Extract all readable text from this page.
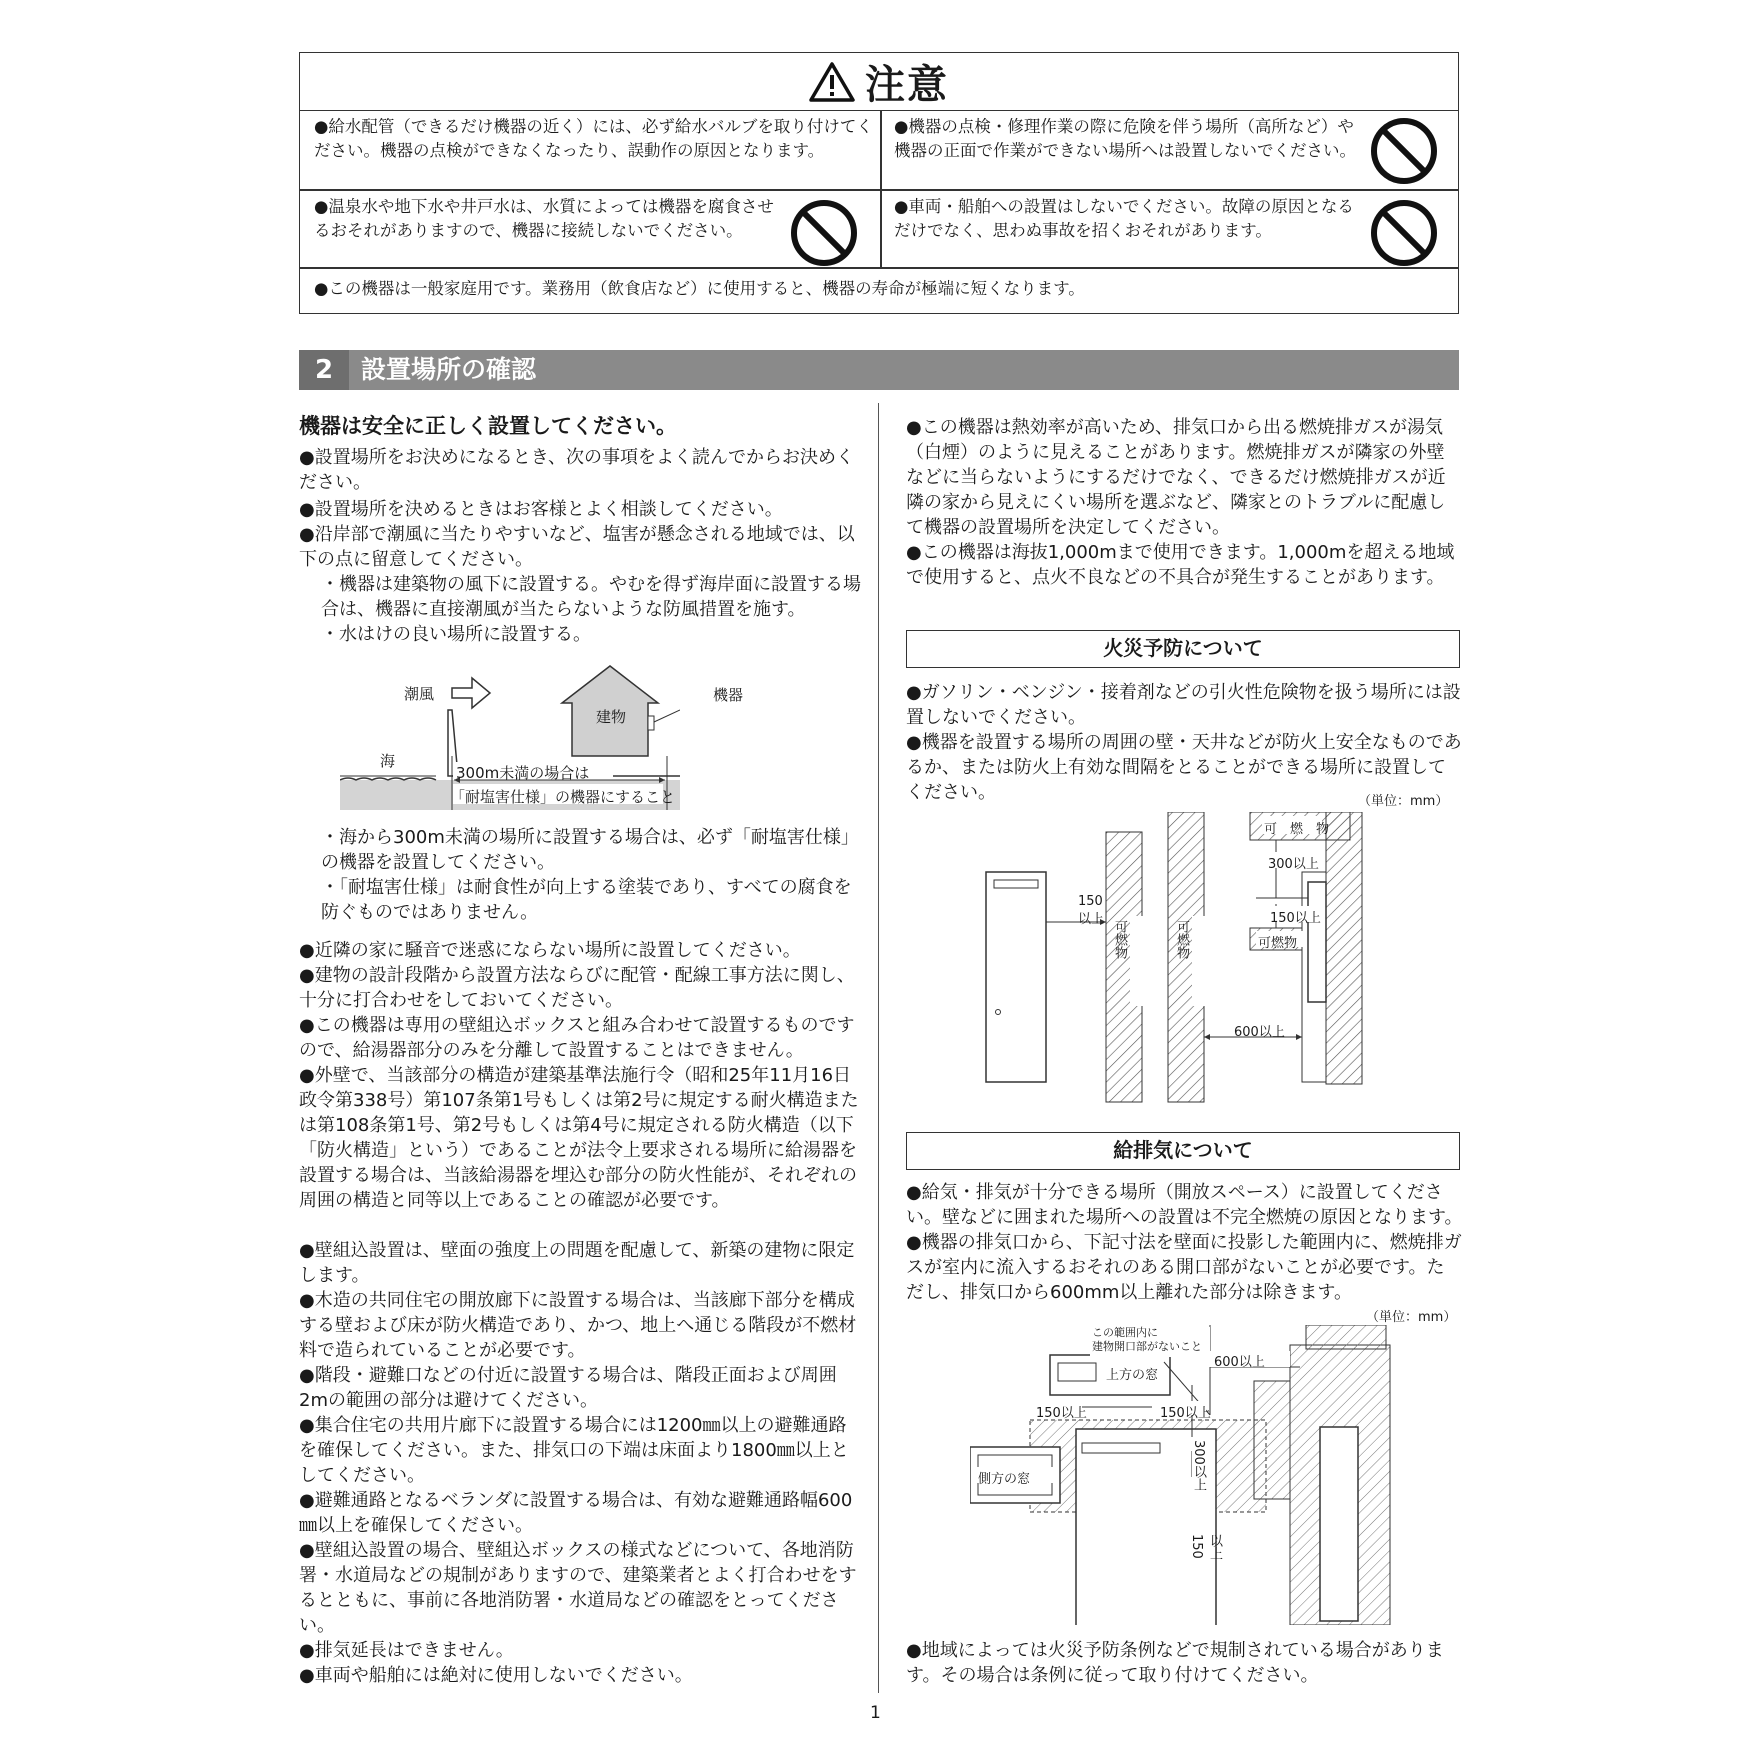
注意
●給水配管（できるだけ機器の近く）には、必ず給水バルブを取り付けてください。機器の点検ができなくなったり、誤動作の原因となります。
●機器の点検・修理作業の際に危険を伴う場所（高所など）や機器の正面で作業ができない場所へは設置しないでください。
●温泉水や地下水や井戸水は、水質によっては機器を腐食させるおそれがありますので、機器に接続しないでください。
●車両・船舶への設置はしないでください。故障の原因となるだけでなく、思わぬ事故を招くおそれがあります。
●この機器は一般家庭用です。業務用（飲食店など）に使用すると、機器の寿命が極端に短くなります。
2	設置場所の確認
機器は安全に正しく設置してください。
●設置場所をお決めになるとき、次の事項をよく読んでからお決めください。
●設置場所を決めるときはお客様とよく相談してください。
●沿岸部で潮風に当たりやすいなど、塩害が懸念される地域では、以下の点に留意してください。
・機器は建築物の風下に設置する。やむを得ず海岸面に設置する場合は、機器に直接潮風が当たらないような防風措置を施す。
・水はけの良い場所に設置する。
潮風
海
建物
機器
300m未満の場合は
「耐塩害仕様」の機器にすること
・海から300m未満の場所に設置する場合は、必ず「耐塩害仕様」の機器を設置してください。
・「耐塩害仕様」は耐食性が向上する塗装であり、すべての腐食を防ぐものではありません。
●近隣の家に騒音で迷惑にならない場所に設置してください。
●建物の設計段階から設置方法ならびに配管・配線工事方法に関し、十分に打合わせをしておいてください。
●この機器は専用の壁組込ボックスと組み合わせて設置するものですので、給湯器部分のみを分離して設置することはできません。
●外壁で、当該部分の構造が建築基準法施行令（昭和25年11月16日政令第338号）第107条第1号もしくは第2号に規定する耐火構造または第108条第1号、第2号もしくは第4号に規定される防火構造（以下「防火構造」という）であることが法令上要求される場所に給湯器を設置する場合は、当該給湯器を埋込む部分の防火性能が、それぞれの周囲の構造と同等以上であることの確認が必要です。
●壁組込設置は、壁面の強度上の問題を配慮して、新築の建物に限定します。
●木造の共同住宅の開放廊下に設置する場合は、当該廊下部分を構成する壁および床が防火構造であり、かつ、地上へ通じる階段が不燃材料で造られていることが必要です。
●階段・避難口などの付近に設置する場合は、階段正面および周囲2mの範囲の部分は避けてください。
●集合住宅の共用片廊下に設置する場合には1200㎜以上の避難通路を確保してください。また、排気口の下端は床面より1800㎜以上としてください。
●避難通路となるベランダに設置する場合は、有効な避難通路幅600㎜以上を確保してください。
●壁組込設置の場合、壁組込ボックスの様式などについて、各地消防署・水道局などの規制がありますので、建築業者とよく打合わせをするとともに、事前に各地消防署・水道局などの確認をとってください。
●排気延長はできません。
●車両や船舶には絶対に使用しないでください。
●この機器は熱効率が高いため、排気口から出る燃焼排ガスが湯気（白煙）のように見えることがあります。燃焼排ガスが隣家の外壁などに当らないようにするだけでなく、できるだけ燃焼排ガスが近隣の家から見えにくい場所を選ぶなど、隣家とのトラブルに配慮して機器の設置場所を決定してください。
●この機器は海抜1,000mまで使用できます。1,000mを超える地域で使用すると、点火不良などの不具合が発生することがあります。
火災予防について
●ガソリン・ベンジン・接着剤などの引火性危険物を扱う場所には設置しないでください。
●機器を設置する場所の周囲の壁・天井などが防火上安全なものであるか、または防火上有効な間隔をとることができる場所に設置してください。	（単位：mm）
150
以上
可燃物	可燃物
可　燃　物
300以上
150以上
可燃物
600以上
給排気について
●給気・排気が十分できる場所（開放スペース）に設置してください。壁などに囲まれた場所への設置は不完全燃焼の原因となります。
●機器の排気口から、下記寸法を壁面に投影した範囲内に、燃焼排ガスが室内に流入するおそれのある開口部がないことが必要です。ただし、排気口から600mm以上離れた部分は除きます。
（単位：mm）
この範囲内に
建物開口部がないこと
600以上
上方の窓
150以上	150以上
300以上
側方の窓
150 以上
●地域によっては火災予防条例などで規制されている場合があります。その場合は条例に従って取り付けてください。
1
